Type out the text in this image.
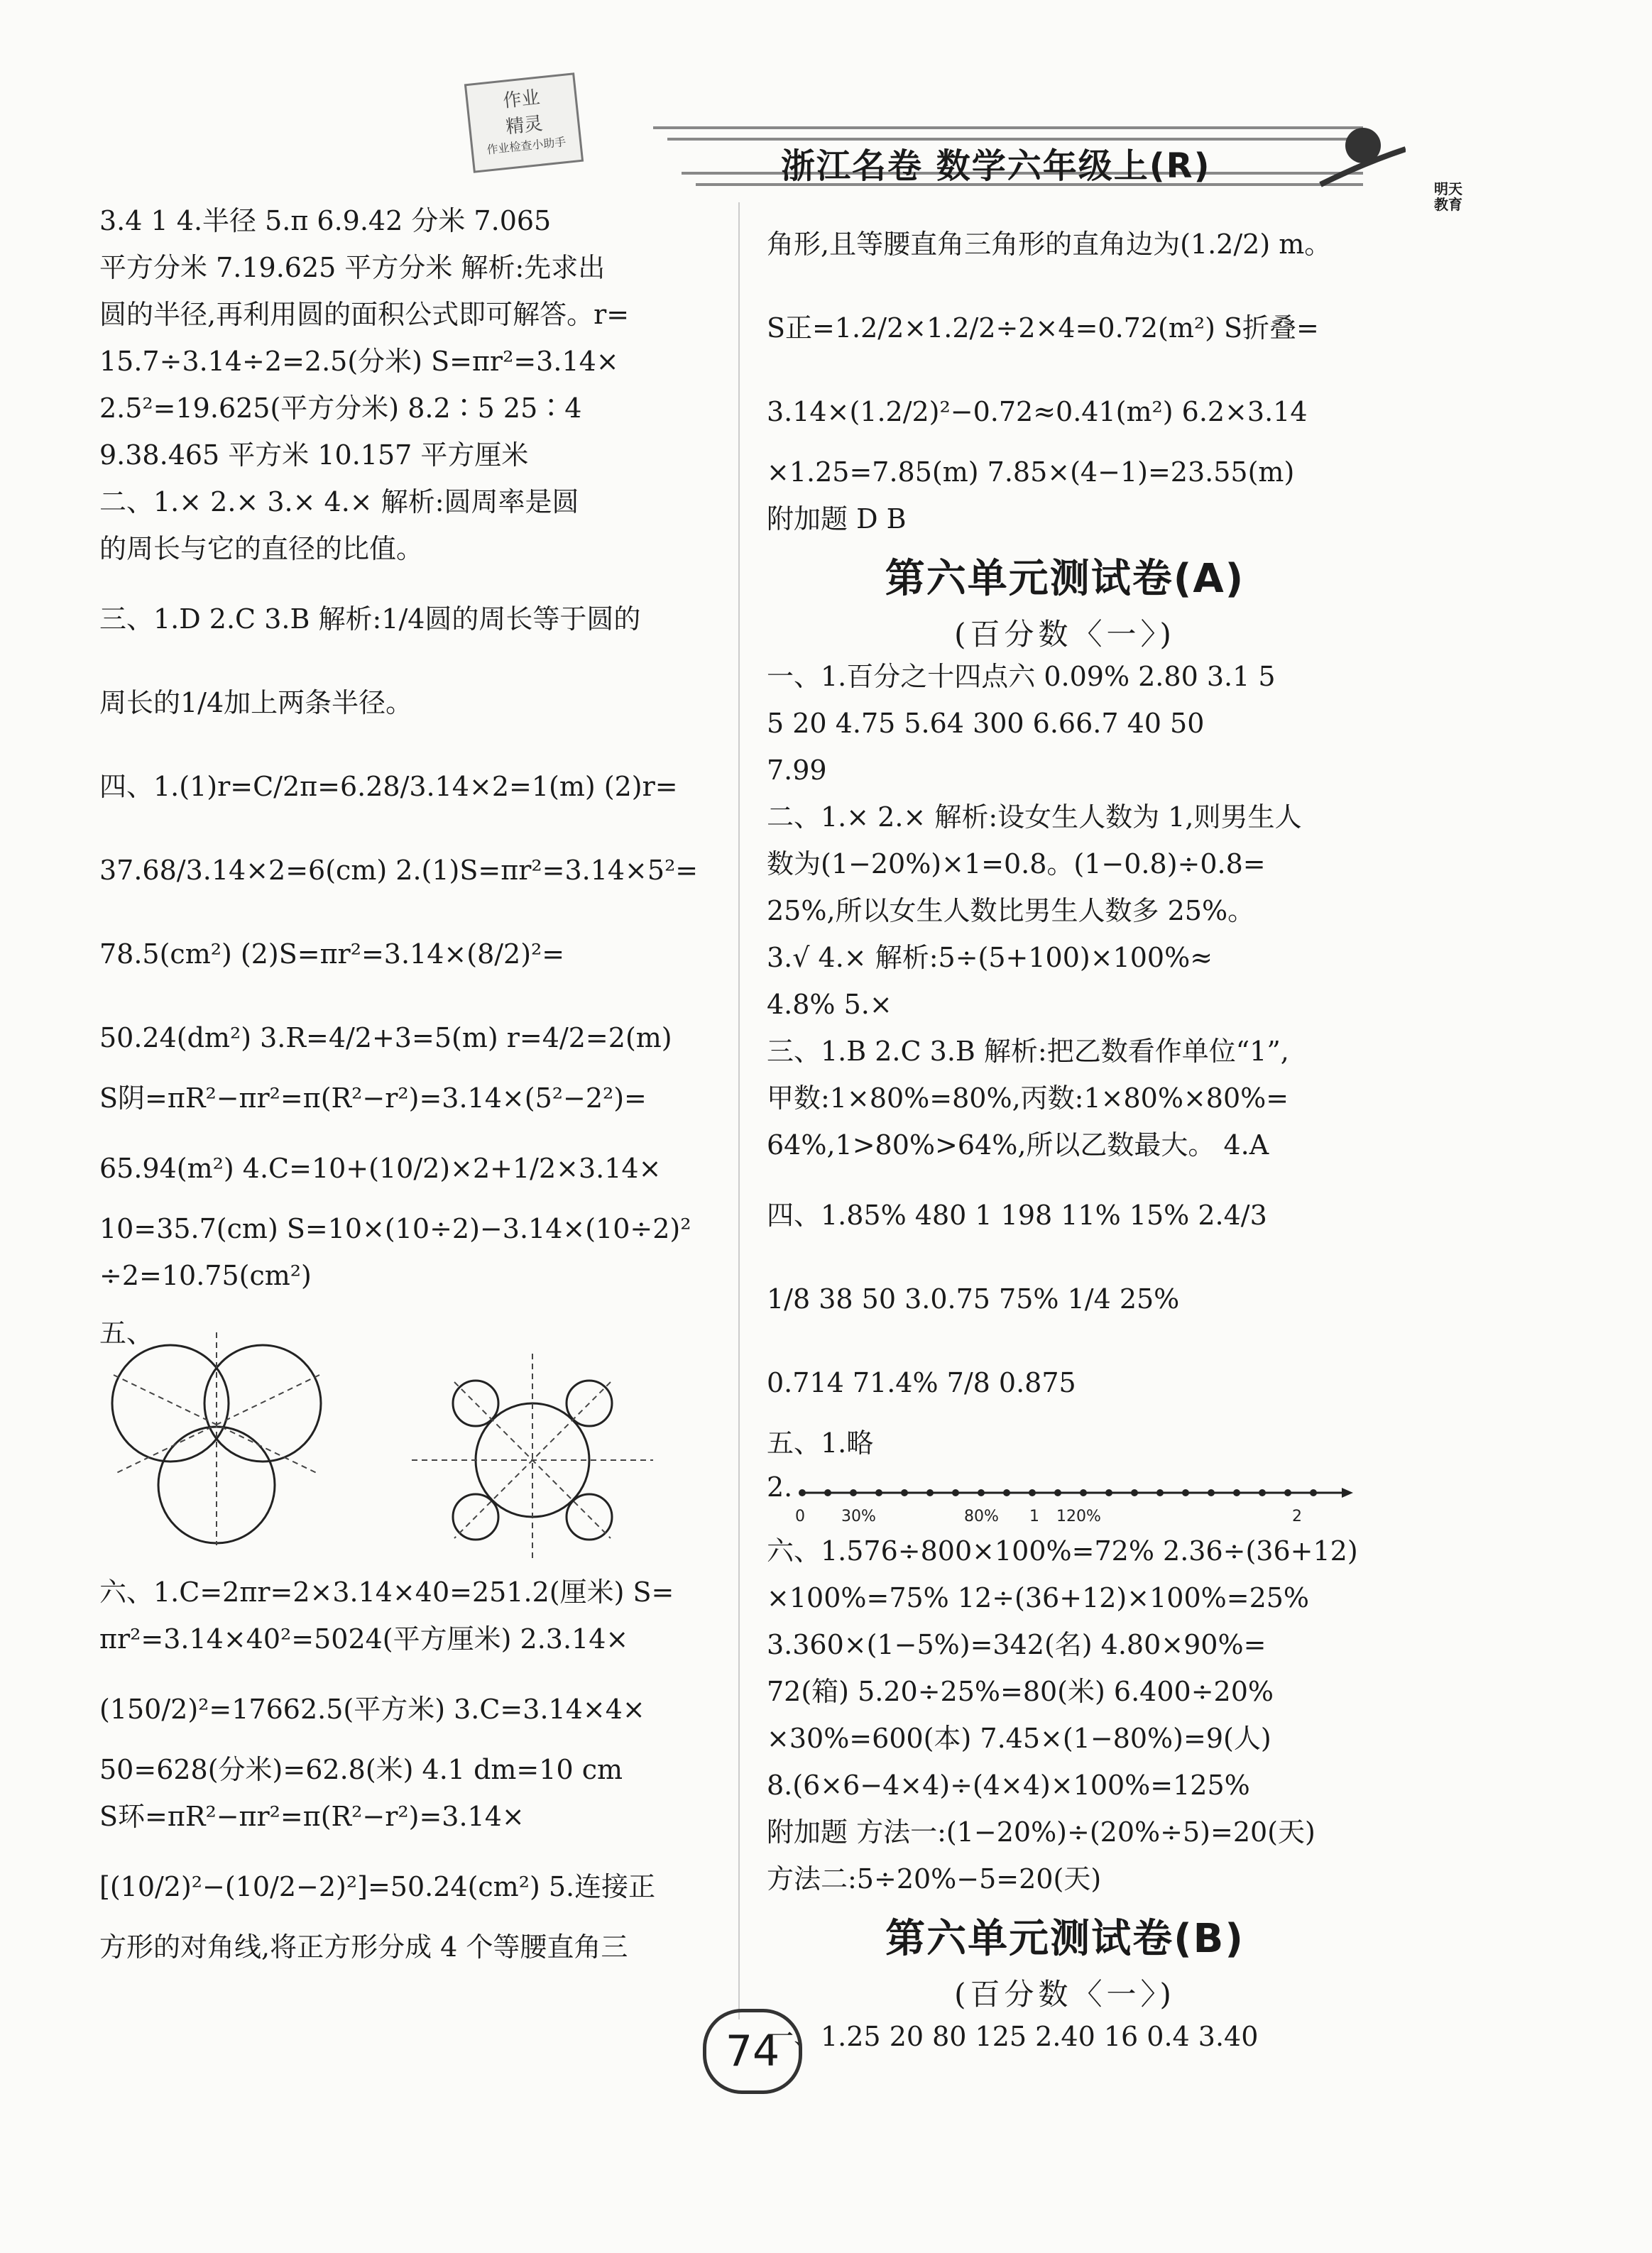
作业
精灵
作业检查小助手
浙江名卷 数学六年级上(R)
明天
教育
3.4 1 4.半径 5.π 6.9.42 分米 7.065
平方分米 7.19.625 平方分米 解析:先求出
圆的半径,再利用圆的面积公式即可解答。r=
15.7÷3.14÷2=2.5(分米) S=πr²=3.14×
2.5²=19.625(平方分米) 8.2∶5 25∶4
9.38.465 平方米 10.157 平方厘米
二、1.× 2.× 3.× 4.× 解析:圆周率是圆
的周长与它的直径的比值。
三、1.D 2.C 3.B 解析:1/4圆的周长等于圆的
周长的1/4加上两条半径。
四、1.(1)r=C/2π=6.28/3.14×2=1(m) (2)r=
37.68/3.14×2=6(cm) 2.(1)S=πr²=3.14×5²=
78.5(cm²) (2)S=πr²=3.14×(8/2)²=
50.24(dm²) 3.R=4/2+3=5(m) r=4/2=2(m)
S阴=πR²−πr²=π(R²−r²)=3.14×(5²−2²)=
65.94(m²) 4.C=10+(10/2)×2+1/2×3.14×
10=35.7(cm) S=10×(10÷2)−3.14×(10÷2)²
÷2=10.75(cm²)
五、
六、1.C=2πr=2×3.14×40=251.2(厘米) S=
πr²=3.14×40²=5024(平方厘米) 2.3.14×
(150/2)²=17662.5(平方米) 3.C=3.14×4×
50=628(分米)=62.8(米) 4.1 dm=10 cm
S环=πR²−πr²=π(R²−r²)=3.14×
[(10/2)²−(10/2−2)²]=50.24(cm²) 5.连接正
方形的对角线,将正方形分成 4 个等腰直角三
角形,且等腰直角三角形的直角边为(1.2/2) m。
S正=1.2/2×1.2/2÷2×4=0.72(m²) S折叠=
3.14×(1.2/2)²−0.72≈0.41(m²) 6.2×3.14
×1.25=7.85(m) 7.85×(4−1)=23.55(m)
附加题 D B
第六单元测试卷(A)
(百分数〈一〉)
一、1.百分之十四点六 0.09% 2.80 3.1 5
5 20 4.75 5.64 300 6.66.7 40 50
7.99
二、1.× 2.× 解析:设女生人数为 1,则男生人
数为(1−20%)×1=0.8。(1−0.8)÷0.8=
25%,所以女生人数比男生人数多 25%。
3.√ 4.× 解析:5÷(5+100)×100%≈
4.8% 5.×
三、1.B 2.C 3.B 解析:把乙数看作单位“1”,
甲数:1×80%=80%,丙数:1×80%×80%=
64%,1>80%>64%,所以乙数最大。 4.A
四、1.85% 480 1 198 11% 15% 2.4/3
1/8 38 50 3.0.75 75% 1/4 25%
0.714 71.4% 7/8 0.875
五、1.略
2.
0 30%	80% 1 120%	2
六、1.576÷800×100%=72% 2.36÷(36+12)
×100%=75% 12÷(36+12)×100%=25%
3.360×(1−5%)=342(名) 4.80×90%=
72(箱) 5.20÷25%=80(米) 6.400÷20%
×30%=600(本) 7.45×(1−80%)=9(人)
8.(6×6−4×4)÷(4×4)×100%=125%
附加题 方法一:(1−20%)÷(20%÷5)=20(天)
方法二:5÷20%−5=20(天)
第六单元测试卷(B)
(百分数〈一〉)
一、1.25 20 80 125 2.40 16 0.4 3.40
74
